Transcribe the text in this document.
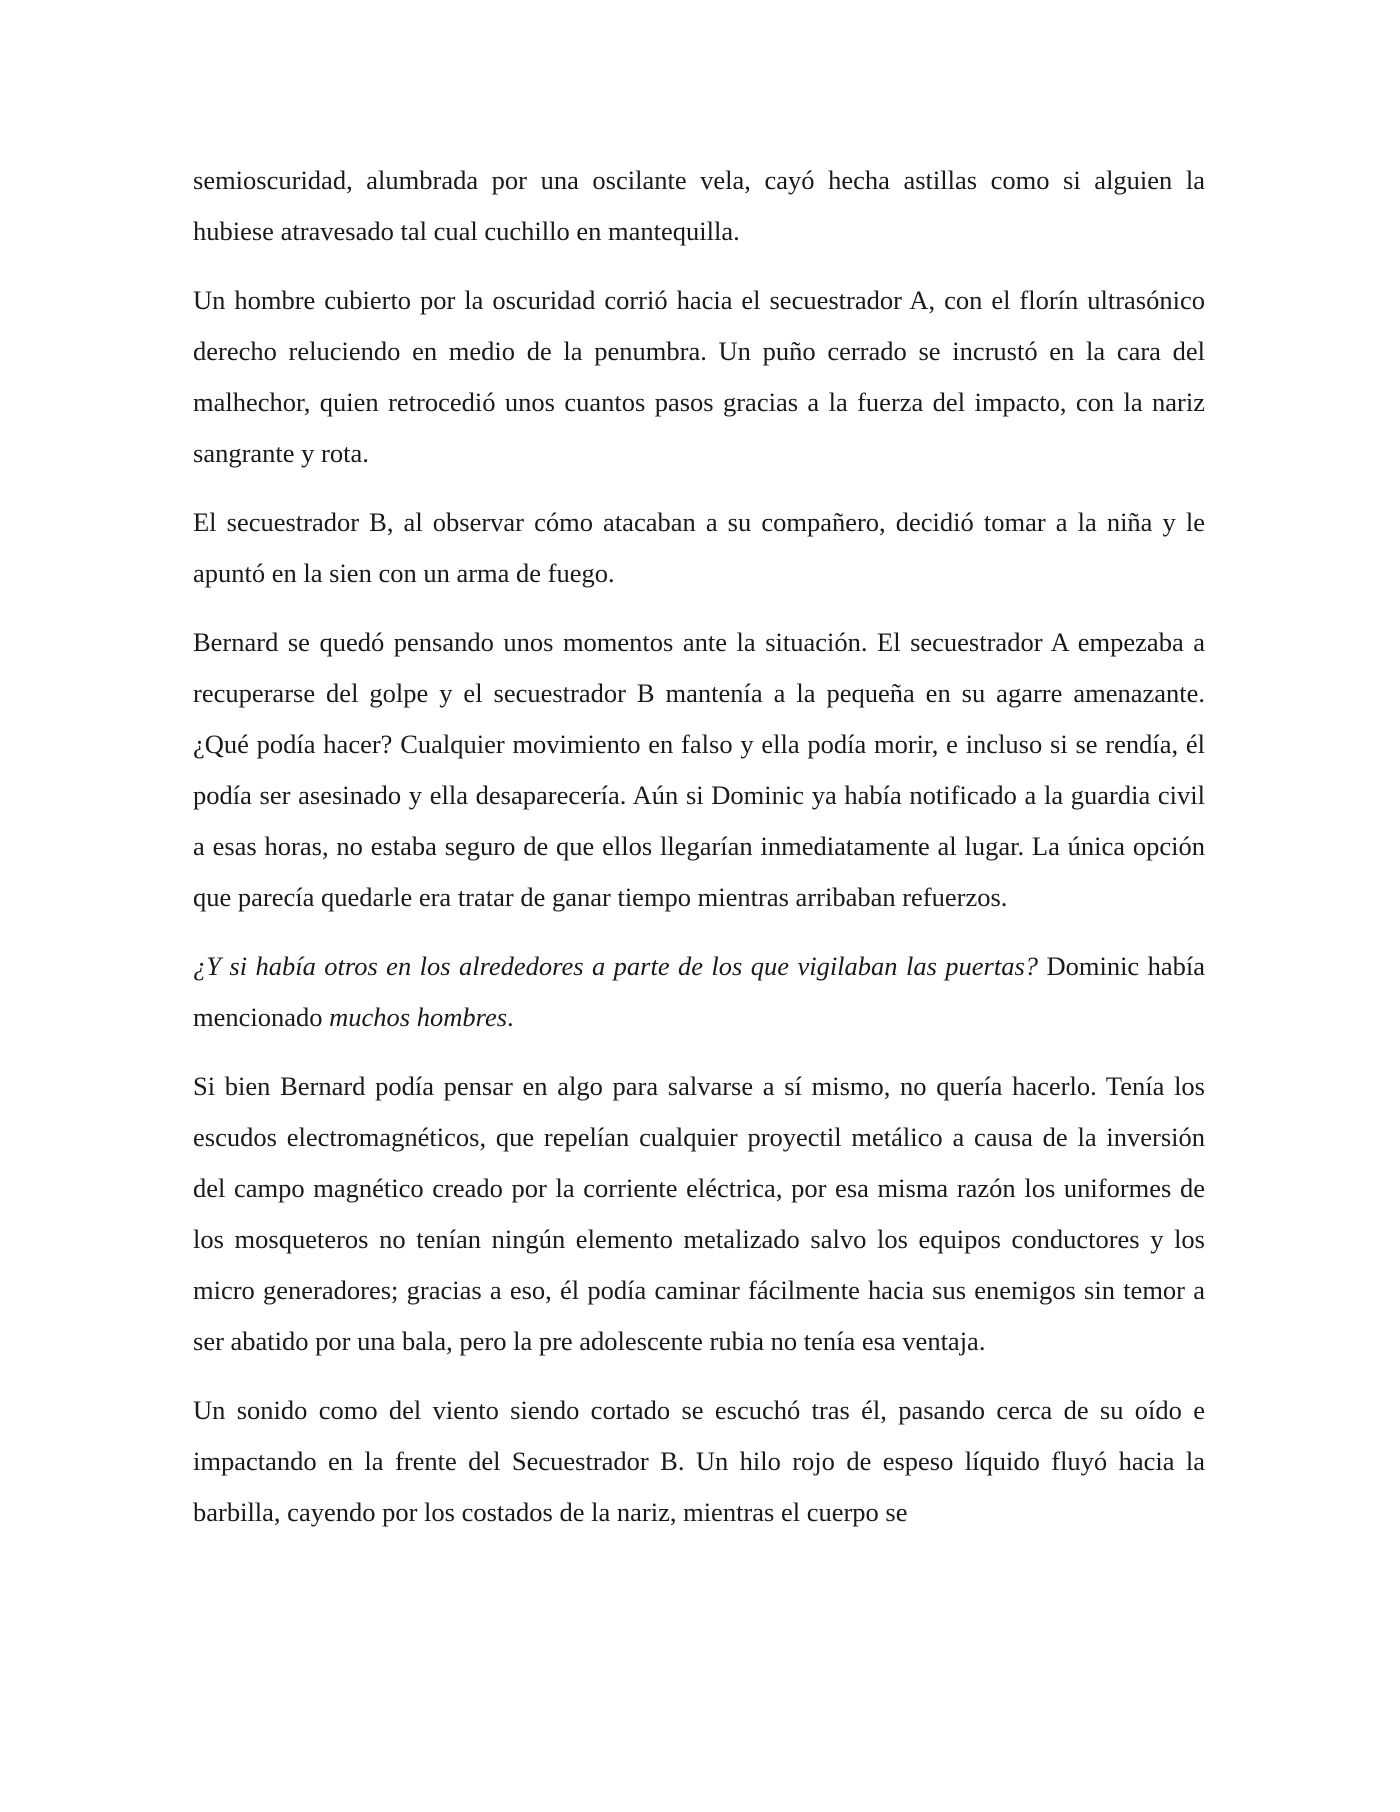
semioscuridad, alumbrada por una oscilante vela, cayó hecha astillas como si alguien la hubiese atravesado tal cual cuchillo en mantequilla.

Un hombre cubierto por la oscuridad corrió hacia el secuestrador A, con el florín ultrasónico derecho reluciendo en medio de la penumbra. Un puño cerrado se incrustó en la cara del malhechor, quien retrocedió unos cuantos pasos gracias a la fuerza del impacto, con la nariz sangrante y rota.

El secuestrador B, al observar cómo atacaban a su compañero, decidió tomar a la niña y le apuntó en la sien con un arma de fuego.

Bernard se quedó pensando unos momentos ante la situación. El secuestrador A empezaba a recuperarse del golpe y el secuestrador B mantenía a la pequeña en su agarre amenazante. ¿Qué podía hacer? Cualquier movimiento en falso y ella podía morir, e incluso si se rendía, él podía ser asesinado y ella desaparecería. Aún si Dominic ya había notificado a la guardia civil a esas horas, no estaba seguro de que ellos llegarían inmediatamente al lugar. La única opción que parecía quedarle era tratar de ganar tiempo mientras arribaban refuerzos.

¿Y si había otros en los alrededores a parte de los que vigilaban las puertas? Dominic había mencionado muchos hombres.

Si bien Bernard podía pensar en algo para salvarse a sí mismo, no quería hacerlo. Tenía los escudos electromagnéticos, que repelían cualquier proyectil metálico a causa de la inversión del campo magnético creado por la corriente eléctrica, por esa misma razón los uniformes de los mosqueteros no tenían ningún elemento metalizado salvo los equipos conductores y los micro generadores; gracias a eso, él podía caminar fácilmente hacia sus enemigos sin temor a ser abatido por una bala, pero la pre adolescente rubia no tenía esa ventaja.

Un sonido como del viento siendo cortado se escuchó tras él, pasando cerca de su oído e impactando en la frente del Secuestrador B. Un hilo rojo de espeso líquido fluyó hacia la barbilla, cayendo por los costados de la nariz, mientras el cuerpo se
